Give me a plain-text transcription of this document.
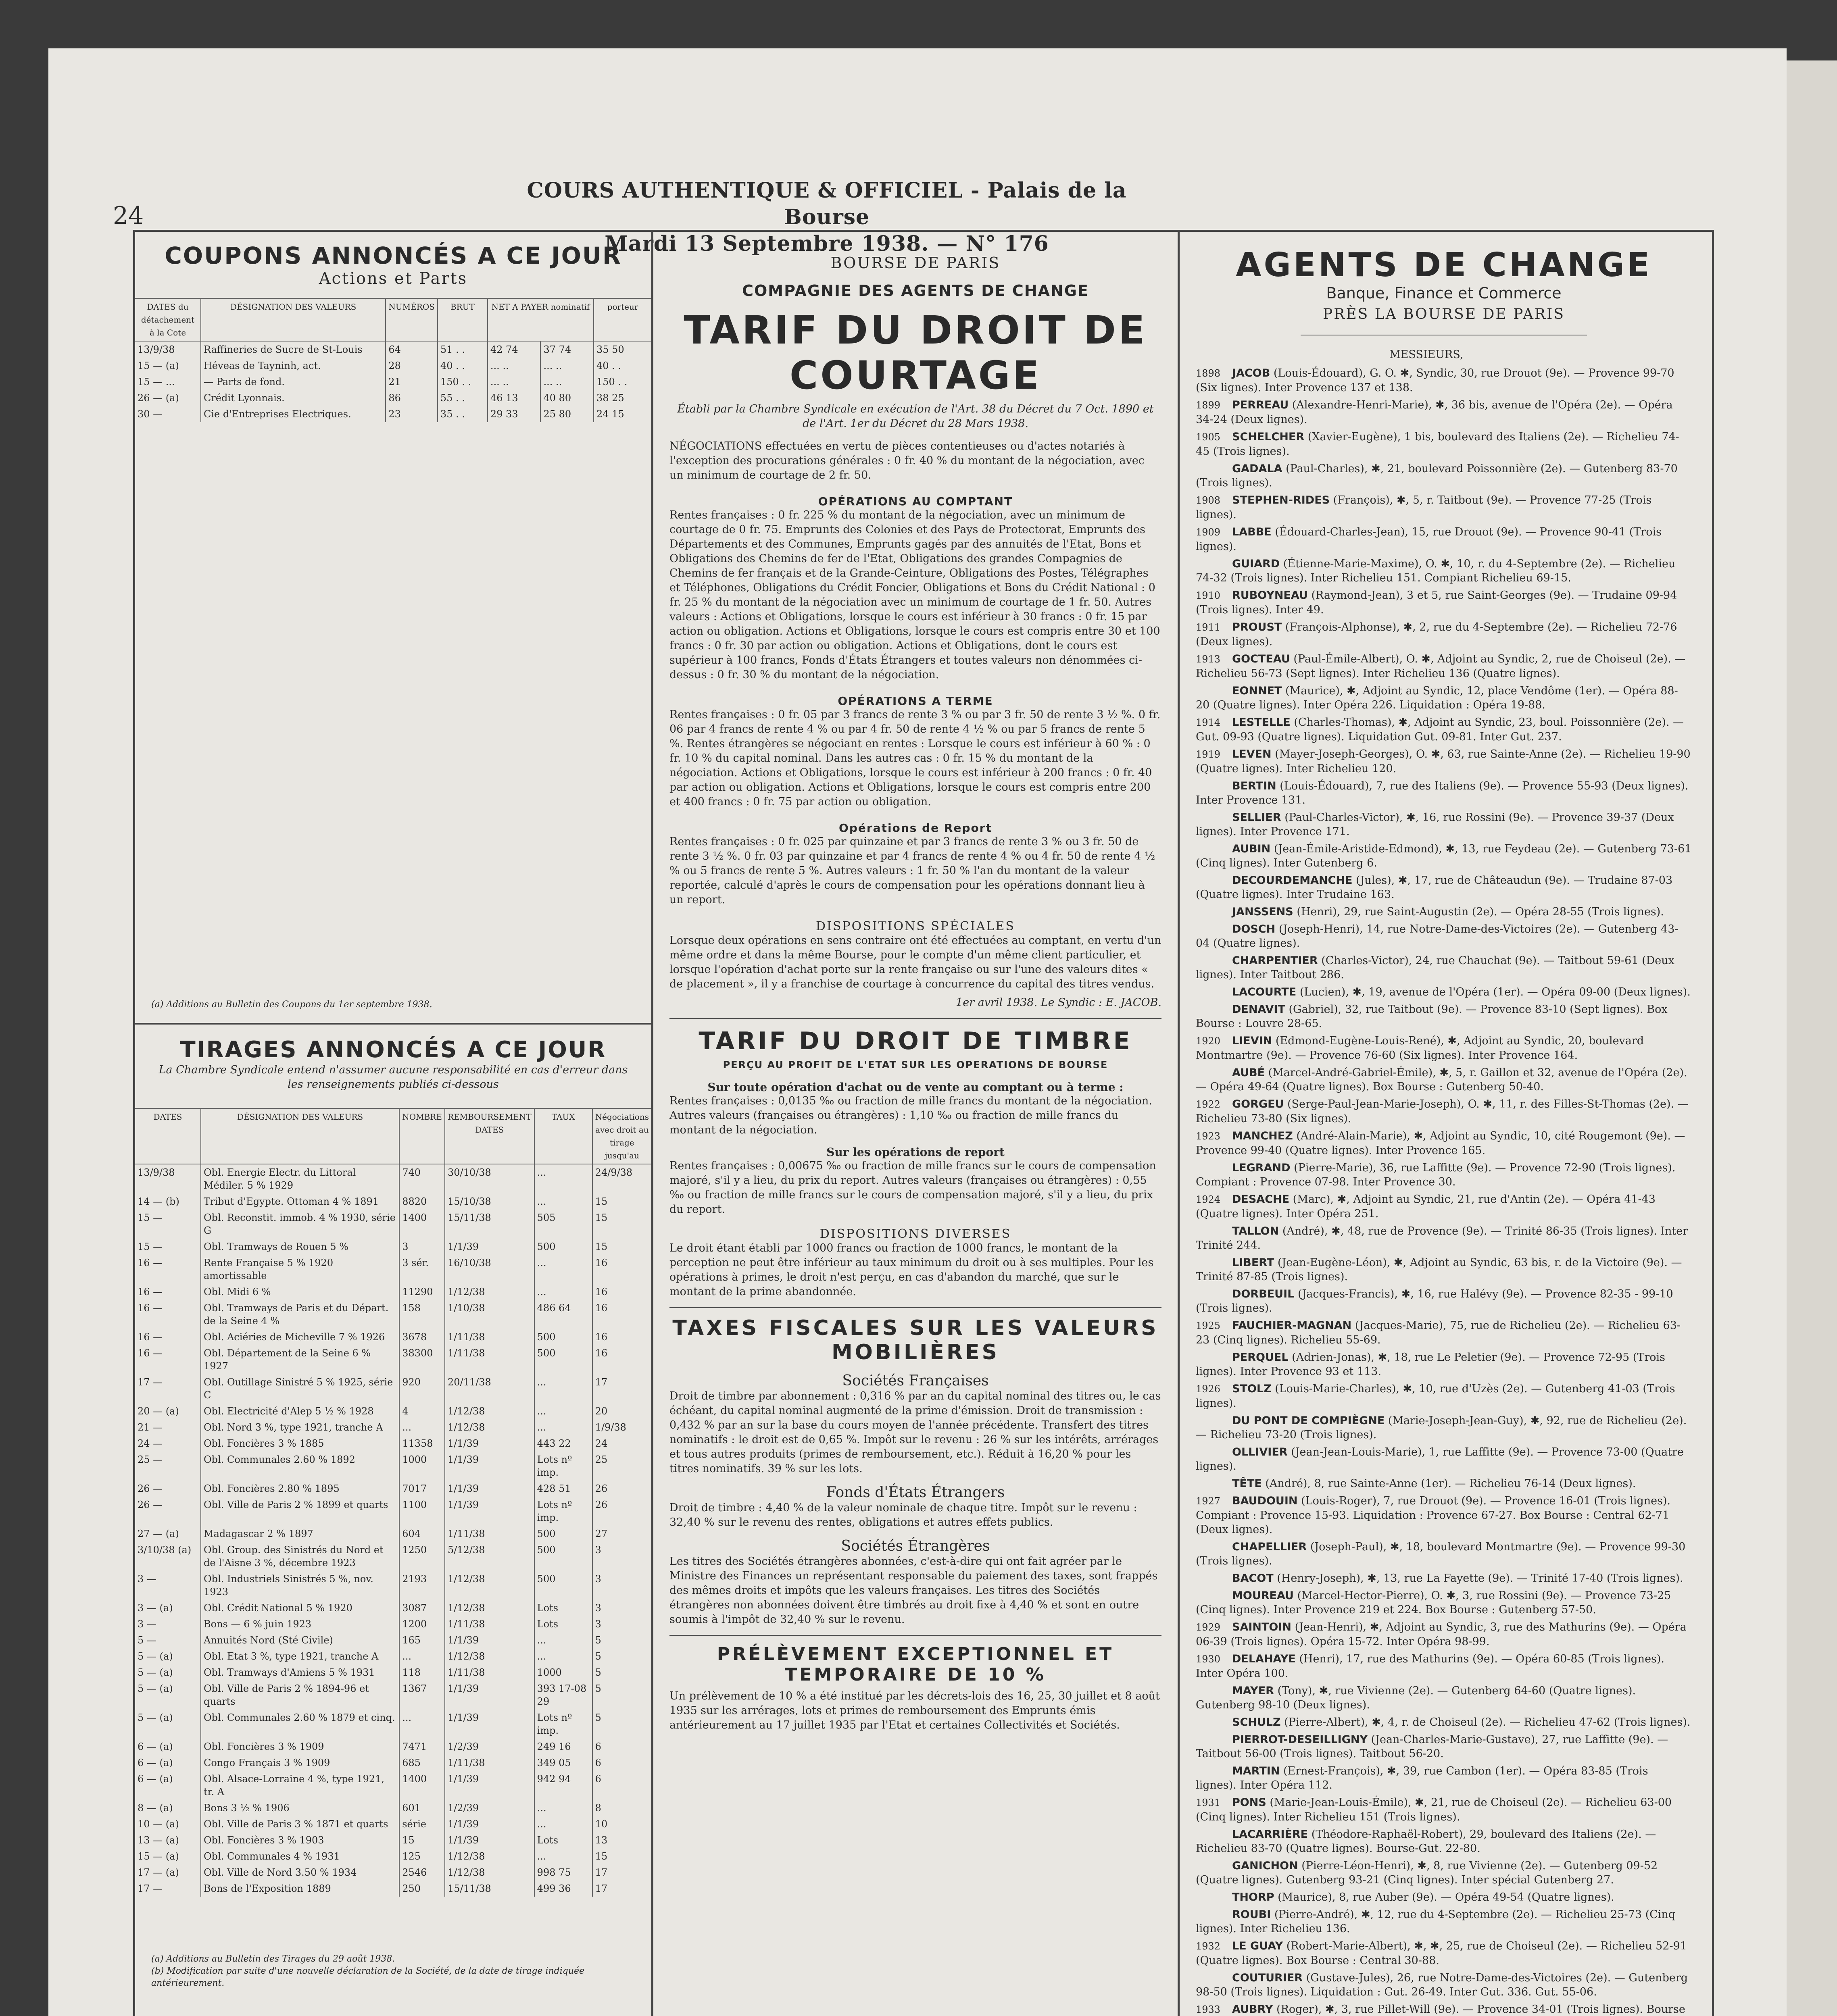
24
COURS AUTHENTIQUE & OFFICIEL - Palais de la Bourse
Mardi 13 Septembre 1938. — N° 176
COUPONS ANNONCÉS A CE JOUR
Actions et Parts
DATES du détachement à la Cote	DÉSIGNATION DES VALEURS	NUMÉROS	BRUT	NET A PAYER nominatif		porteur
13/9/38	Raffineries de Sucre de St-Louis	64	51 . .	42 74	37 74	35 50
15 — (a)	Héveas de Tayninh, act.	28	40 . .	... ..	... ..	40 . .
15 — ...	— Parts de fond.	21	150 . .	... ..	... ..	150 . .
26 — (a)	Crédit Lyonnais.	86	55 . .	46 13	40 80	38 25
30 —	Cie d'Entreprises Electriques.	23	35 . .	29 33	25 80	24 15
(a) Additions au Bulletin des Coupons du 1er septembre 1938.
TIRAGES ANNONCÉS A CE JOUR
La Chambre Syndicale entend n'assumer aucune responsabilité en cas d'erreur dans les renseignements publiés ci-dessous
DATES	DÉSIGNATION DES VALEURS	NOMBRE	REMBOURSEMENT DATES	TAUX	Négociations avec droit au tirage jusqu'au
13/9/38	Obl. Energie Electr. du Littoral Médiler. 5 % 1929	740	30/10/38	...	24/9/38
14 — (b)	Tribut d'Egypte. Ottoman 4 % 1891	8820	15/10/38	...	15
15 —	Obl. Reconstit. immob. 4 % 1930, série G	1400	15/11/38	505	15
15 —	Obl. Tramways de Rouen 5 %	3	1/1/39	500	15
16 —	Rente Française 5 % 1920 amortissable	3 sér.	16/10/38	...	16
16 —	Obl. Midi 6 %	11290	1/12/38	...	16
16 —	Obl. Tramways de Paris et du Départ. de la Seine 4 %	158	1/10/38	486 64	16
16 —	Obl. Aciéries de Micheville 7 % 1926	3678	1/11/38	500	16
16 —	Obl. Département de la Seine 6 % 1927	38300	1/11/38	500	16
17 —	Obl. Outillage Sinistré 5 % 1925, série C	920	20/11/38	...	17
20 — (a)	Obl. Electricité d'Alep 5 ½ % 1928	4	1/12/38	...	20
21 —	Obl. Nord 3 %, type 1921, tranche A	...	1/12/38	...	1/9/38
24 —	Obl. Foncières 3 % 1885	11358	1/1/39	443 22	24
25 —	Obl. Communales 2.60 % 1892	1000	1/1/39	Lots nº imp.	25
26 —	Obl. Foncières 2.80 % 1895	7017	1/1/39	428 51	26
26 —	Obl. Ville de Paris 2 % 1899 et quarts	1100	1/1/39	Lots nº imp.	26
27 — (a)	Madagascar 2 % 1897	604	1/11/38	500	27
3/10/38 (a)	Obl. Group. des Sinistrés du Nord et de l'Aisne 3 %, décembre 1923	1250	5/12/38	500	3
3 —	Obl. Industriels Sinistrés 5 %, nov. 1923	2193	1/12/38	500	3
3 — (a)	Obl. Crédit National 5 % 1920	3087	1/12/38	Lots	3
3 —	Bons — 6 % juin 1923	1200	1/11/38	Lots	3
5 —	Annuités Nord (Sté Civile)	165	1/1/39	...	5
5 — (a)	Obl. Etat 3 %, type 1921, tranche A	...	1/12/38	...	5
5 — (a)	Obl. Tramways d'Amiens 5 % 1931	118	1/11/38	1000	5
5 — (a)	Obl. Ville de Paris 2 % 1894-96 et quarts	1367	1/1/39	393 17-08 29	5
5 — (a)	Obl. Communales 2.60 % 1879 et cinq.	...	1/1/39	Lots nº imp.	5
6 — (a)	Obl. Foncières 3 % 1909	7471	1/2/39	249 16	6
6 — (a)	Congo Français 3 % 1909	685	1/11/38	349 05	6
6 — (a)	Obl. Alsace-Lorraine 4 %, type 1921, tr. A	1400	1/1/39	942 94	6
8 — (a)	Bons 3 ½ % 1906	601	1/2/39	...	8
10 — (a)	Obl. Ville de Paris 3 % 1871 et quarts	série	1/1/39	...	10
13 — (a)	Obl. Foncières 3 % 1903	15	1/1/39	Lots	13
15 — (a)	Obl. Communales 4 % 1931	125	1/12/38	...	15
17 — (a)	Obl. Ville de Nord 3.50 % 1934	2546	1/12/38	998 75	17
17 —	Bons de l'Exposition 1889	250	15/11/38	499 36	17
(a) Additions au Bulletin des Tirages du 29 août 1938.
(b) Modification par suite d'une nouvelle déclaration de la Société, de la date de tirage indiquée antérieurement.
BOURSE DE PARIS
COMPAGNIE DES AGENTS DE CHANGE
TARIF DU DROIT DE COURTAGE
Établi par la Chambre Syndicale en exécution de l'Art. 38 du Décret du 7 Oct. 1890 et de l'Art. 1er du Décret du 28 Mars 1938.
NÉGOCIATIONS effectuées en vertu de pièces contentieuses ou d'actes notariés à l'exception des procurations générales : 0 fr. 40 % du montant de la négociation, avec un minimum de courtage de 2 fr. 50.
OPÉRATIONS AU COMPTANT
Rentes françaises : 0 fr. 225 % du montant de la négociation, avec un minimum de courtage de 0 fr. 75. Emprunts des Colonies et des Pays de Protectorat, Emprunts des Départements et des Communes, Emprunts gagés par des annuités de l'Etat, Bons et Obligations des Chemins de fer de l'Etat, Obligations des grandes Compagnies de Chemins de fer français et de la Grande-Ceinture, Obligations des Postes, Télégraphes et Téléphones, Obligations du Crédit Foncier, Obligations et Bons du Crédit National : 0 fr. 25 % du montant de la négociation avec un minimum de courtage de 1 fr. 50. Autres valeurs : Actions et Obligations, lorsque le cours est inférieur à 30 francs : 0 fr. 15 par action ou obligation. Actions et Obligations, lorsque le cours est compris entre 30 et 100 francs : 0 fr. 30 par action ou obligation. Actions et Obligations, dont le cours est supérieur à 100 francs, Fonds d'États Étrangers et toutes valeurs non dénommées ci-dessus : 0 fr. 30 % du montant de la négociation.
OPÉRATIONS A TERME
Rentes françaises : 0 fr. 05 par 3 francs de rente 3 % ou par 3 fr. 50 de rente 3 ½ %. 0 fr. 06 par 4 francs de rente 4 % ou par 4 fr. 50 de rente 4 ½ % ou par 5 francs de rente 5 %. Rentes étrangères se négociant en rentes : Lorsque le cours est inférieur à 60 % : 0 fr. 10 % du capital nominal. Dans les autres cas : 0 fr. 15 % du montant de la négociation. Actions et Obligations, lorsque le cours est inférieur à 200 francs : 0 fr. 40 par action ou obligation. Actions et Obligations, lorsque le cours est compris entre 200 et 400 francs : 0 fr. 75 par action ou obligation.
Opérations de Report
Rentes françaises : 0 fr. 025 par quinzaine et par 3 francs de rente 3 % ou 3 fr. 50 de rente 3 ½ %. 0 fr. 03 par quinzaine et par 4 francs de rente 4 % ou 4 fr. 50 de rente 4 ½ % ou 5 francs de rente 5 %. Autres valeurs : 1 fr. 50 % l'an du montant de la valeur reportée, calculé d'après le cours de compensation pour les opérations donnant lieu à un report.
DISPOSITIONS SPÉCIALES
Lorsque deux opérations en sens contraire ont été effectuées au comptant, en vertu d'un même ordre et dans la même Bourse, pour le compte d'un même client particulier, et lorsque l'opération d'achat porte sur la rente française ou sur l'une des valeurs dites « de placement », il y a franchise de courtage à concurrence du capital des titres vendus.
1er avril 1938. Le Syndic : E. JACOB.
TARIF DU DROIT DE TIMBRE
PERÇU AU PROFIT DE L'ETAT SUR LES OPERATIONS DE BOURSE
Sur toute opération d'achat ou de vente au comptant ou à terme :
Rentes françaises : 0,0135 ‰ ou fraction de mille francs du montant de la négociation. Autres valeurs (françaises ou étrangères) : 1,10 ‰ ou fraction de mille francs du montant de la négociation.
Sur les opérations de report
Rentes françaises : 0,00675 ‰ ou fraction de mille francs sur le cours de compensation majoré, s'il y a lieu, du prix du report. Autres valeurs (françaises ou étrangères) : 0,55 ‰ ou fraction de mille francs sur le cours de compensation majoré, s'il y a lieu, du prix du report.
DISPOSITIONS DIVERSES
Le droit étant établi par 1000 francs ou fraction de 1000 francs, le montant de la perception ne peut être inférieur au taux minimum du droit ou à ses multiples. Pour les opérations à primes, le droit n'est perçu, en cas d'abandon du marché, que sur le montant de la prime abandonnée.
TAXES FISCALES SUR LES VALEURS MOBILIÈRES
Sociétés Françaises
Droit de timbre par abonnement : 0,316 % par an du capital nominal des titres ou, le cas échéant, du capital nominal augmenté de la prime d'émission. Droit de transmission : 0,432 % par an sur la base du cours moyen de l'année précédente. Transfert des titres nominatifs : le droit est de 0,65 %. Impôt sur le revenu : 26 % sur les intérêts, arrérages et tous autres produits (primes de remboursement, etc.). Réduit à 16,20 % pour les titres nominatifs. 39 % sur les lots.
Fonds d'États Étrangers
Droit de timbre : 4,40 % de la valeur nominale de chaque titre. Impôt sur le revenu : 32,40 % sur le revenu des rentes, obligations et autres effets publics.
Sociétés Étrangères
Les titres des Sociétés étrangères abonnées, c'est-à-dire qui ont fait agréer par le Ministre des Finances un représentant responsable du paiement des taxes, sont frappés des mêmes droits et impôts que les valeurs françaises. Les titres des Sociétés étrangères non abonnées doivent être timbrés au droit fixe à 4,40 % et sont en outre soumis à l'impôt de 32,40 % sur le revenu.
PRÉLÈVEMENT EXCEPTIONNEL ET TEMPORAIRE DE 10 %
Un prélèvement de 10 % a été institué par les décrets-lois des 16, 25, 30 juillet et 8 août 1935 sur les arrérages, lots et primes de remboursement des Emprunts émis antérieurement au 17 juillet 1935 par l'Etat et certaines Collectivités et Sociétés.
AGENTS DE CHANGE
Banque, Finance et Commerce
PRÈS LA BOURSE DE PARIS
MESSIEURS,
1898 JACOB (Louis-Édouard), G. O. ✱, Syndic, 30, rue Drouot (9e). — Provence 99-70 (Six lignes). Inter Provence 137 et 138.
1899 PERREAU (Alexandre-Henri-Marie), ✱, 36 bis, avenue de l'Opéra (2e). — Opéra 34-24 (Deux lignes).
1905 SCHELCHER (Xavier-Eugène), 1 bis, boulevard des Italiens (2e). — Richelieu 74-45 (Trois lignes).
GADALA (Paul-Charles), ✱, 21, boulevard Poissonnière (2e). — Gutenberg 83-70 (Trois lignes).
1908 STEPHEN-RIDES (François), ✱, 5, r. Taitbout (9e). — Provence 77-25 (Trois lignes).
1909 LABBE (Édouard-Charles-Jean), 15, rue Drouot (9e). — Provence 90-41 (Trois lignes).
GUIARD (Étienne-Marie-Maxime), O. ✱, 10, r. du 4-Septembre (2e). — Richelieu 74-32 (Trois lignes). Inter Richelieu 151. Compiant Richelieu 69-15.
1910 RUBOYNEAU (Raymond-Jean), 3 et 5, rue Saint-Georges (9e). — Trudaine 09-94 (Trois lignes). Inter 49.
1911 PROUST (François-Alphonse), ✱, 2, rue du 4-Septembre (2e). — Richelieu 72-76 (Deux lignes).
1913 GOCTEAU (Paul-Émile-Albert), O. ✱, Adjoint au Syndic, 2, rue de Choiseul (2e). — Richelieu 56-73 (Sept lignes). Inter Richelieu 136 (Quatre lignes).
EONNET (Maurice), ✱, Adjoint au Syndic, 12, place Vendôme (1er). — Opéra 88-20 (Quatre lignes). Inter Opéra 226. Liquidation : Opéra 19-88.
1914 LESTELLE (Charles-Thomas), ✱, Adjoint au Syndic, 23, boul. Poissonnière (2e). — Gut. 09-93 (Quatre lignes). Liquidation Gut. 09-81. Inter Gut. 237.
1919 LEVEN (Mayer-Joseph-Georges), O. ✱, 63, rue Sainte-Anne (2e). — Richelieu 19-90 (Quatre lignes). Inter Richelieu 120.
BERTIN (Louis-Édouard), 7, rue des Italiens (9e). — Provence 55-93 (Deux lignes). Inter Provence 131.
SELLIER (Paul-Charles-Victor), ✱, 16, rue Rossini (9e). — Provence 39-37 (Deux lignes). Inter Provence 171.
AUBIN (Jean-Émile-Aristide-Edmond), ✱, 13, rue Feydeau (2e). — Gutenberg 73-61 (Cinq lignes). Inter Gutenberg 6.
DECOURDEMANCHE (Jules), ✱, 17, rue de Châteaudun (9e). — Trudaine 87-03 (Quatre lignes). Inter Trudaine 163.
JANSSENS (Henri), 29, rue Saint-Augustin (2e). — Opéra 28-55 (Trois lignes).
DOSCH (Joseph-Henri), 14, rue Notre-Dame-des-Victoires (2e). — Gutenberg 43-04 (Quatre lignes).
CHARPENTIER (Charles-Victor), 24, rue Chauchat (9e). — Taitbout 59-61 (Deux lignes). Inter Taitbout 286.
LACOURTE (Lucien), ✱, 19, avenue de l'Opéra (1er). — Opéra 09-00 (Deux lignes).
DENAVIT (Gabriel), 32, rue Taitbout (9e). — Provence 83-10 (Sept lignes). Box Bourse : Louvre 28-65.
1920 LIEVIN (Edmond-Eugène-Louis-René), ✱, Adjoint au Syndic, 20, boulevard Montmartre (9e). — Provence 76-60 (Six lignes). Inter Provence 164.
AUBÉ (Marcel-André-Gabriel-Émile), ✱, 5, r. Gaillon et 32, avenue de l'Opéra (2e). — Opéra 49-64 (Quatre lignes). Box Bourse : Gutenberg 50-40.
1922 GORGEU (Serge-Paul-Jean-Marie-Joseph), O. ✱, 11, r. des Filles-St-Thomas (2e). — Richelieu 73-80 (Six lignes).
1923 MANCHEZ (André-Alain-Marie), ✱, Adjoint au Syndic, 10, cité Rougemont (9e). — Provence 99-40 (Quatre lignes). Inter Provence 165.
LEGRAND (Pierre-Marie), 36, rue Laffitte (9e). — Provence 72-90 (Trois lignes). Compiant : Provence 07-98. Inter Provence 30.
1924 DESACHE (Marc), ✱, Adjoint au Syndic, 21, rue d'Antin (2e). — Opéra 41-43 (Quatre lignes). Inter Opéra 251.
TALLON (André), ✱, 48, rue de Provence (9e). — Trinité 86-35 (Trois lignes). Inter Trinité 244.
LIBERT (Jean-Eugène-Léon), ✱, Adjoint au Syndic, 63 bis, r. de la Victoire (9e). — Trinité 87-85 (Trois lignes).
DORBEUIL (Jacques-Francis), ✱, 16, rue Halévy (9e). — Provence 82-35 - 99-10 (Trois lignes).
1925 FAUCHIER-MAGNAN (Jacques-Marie), 75, rue de Richelieu (2e). — Richelieu 63-23 (Cinq lignes). Richelieu 55-69.
PERQUEL (Adrien-Jonas), ✱, 18, rue Le Peletier (9e). — Provence 72-95 (Trois lignes). Inter Provence 93 et 113.
1926 STOLZ (Louis-Marie-Charles), ✱, 10, rue d'Uzès (2e). — Gutenberg 41-03 (Trois lignes).
DU PONT DE COMPIÈGNE (Marie-Joseph-Jean-Guy), ✱, 92, rue de Richelieu (2e). — Richelieu 73-20 (Trois lignes).
OLLIVIER (Jean-Jean-Louis-Marie), 1, rue Laffitte (9e). — Provence 73-00 (Quatre lignes).
TÊTE (André), 8, rue Sainte-Anne (1er). — Richelieu 76-14 (Deux lignes).
1927 BAUDOUIN (Louis-Roger), 7, rue Drouot (9e). — Provence 16-01 (Trois lignes). Compiant : Provence 15-93. Liquidation : Provence 67-27. Box Bourse : Central 62-71 (Deux lignes).
CHAPELLIER (Joseph-Paul), ✱, 18, boulevard Montmartre (9e). — Provence 99-30 (Trois lignes).
BACOT (Henry-Joseph), ✱, 13, rue La Fayette (9e). — Trinité 17-40 (Trois lignes).
MOUREAU (Marcel-Hector-Pierre), O. ✱, 3, rue Rossini (9e). — Provence 73-25 (Cinq lignes). Inter Provence 219 et 224. Box Bourse : Gutenberg 57-50.
1929 SAINTOIN (Jean-Henri), ✱, Adjoint au Syndic, 3, rue des Mathurins (9e). — Opéra 06-39 (Trois lignes). Opéra 15-72. Inter Opéra 98-99.
1930 DELAHAYE (Henri), 17, rue des Mathurins (9e). — Opéra 60-85 (Trois lignes). Inter Opéra 100.
MAYER (Tony), ✱, rue Vivienne (2e). — Gutenberg 64-60 (Quatre lignes). Gutenberg 98-10 (Deux lignes).
SCHULZ (Pierre-Albert), ✱, 4, r. de Choiseul (2e). — Richelieu 47-62 (Trois lignes).
PIERROT-DESEILLIGNY (Jean-Charles-Marie-Gustave), 27, rue Laffitte (9e). — Taitbout 56-00 (Trois lignes). Taitbout 56-20.
MARTIN (Ernest-François), ✱, 39, rue Cambon (1er). — Opéra 83-85 (Trois lignes). Inter Opéra 112.
1931 PONS (Marie-Jean-Louis-Émile), ✱, 21, rue de Choiseul (2e). — Richelieu 63-00 (Cinq lignes). Inter Richelieu 151 (Trois lignes).
LACARRIÈRE (Théodore-Raphaël-Robert), 29, boulevard des Italiens (2e). — Richelieu 83-70 (Quatre lignes). Bourse-Gut. 22-80.
GANICHON (Pierre-Léon-Henri), ✱, 8, rue Vivienne (2e). — Gutenberg 09-52 (Quatre lignes). Gutenberg 93-21 (Cinq lignes). Inter spécial Gutenberg 27.
THORP (Maurice), 8, rue Auber (9e). — Opéra 49-54 (Quatre lignes).
ROUBI (Pierre-André), ✱, 12, rue du 4-Septembre (2e). — Richelieu 25-73 (Cinq lignes). Inter Richelieu 136.
1932 LE GUAY (Robert-Marie-Albert), ✱, ✱, 25, rue de Choiseul (2e). — Richelieu 52-91 (Quatre lignes). Box Bourse : Central 30-88.
COUTURIER (Gustave-Jules), 26, rue Notre-Dame-des-Victoires (2e). — Gutenberg 98-50 (Trois lignes). Liquidation : Gut. 26-49. Inter Gut. 336. Gut. 55-06.
1933 AUBRY (Roger), ✱, 3, rue Pillet-Will (9e). — Provence 34-01 (Trois lignes). Bourse
